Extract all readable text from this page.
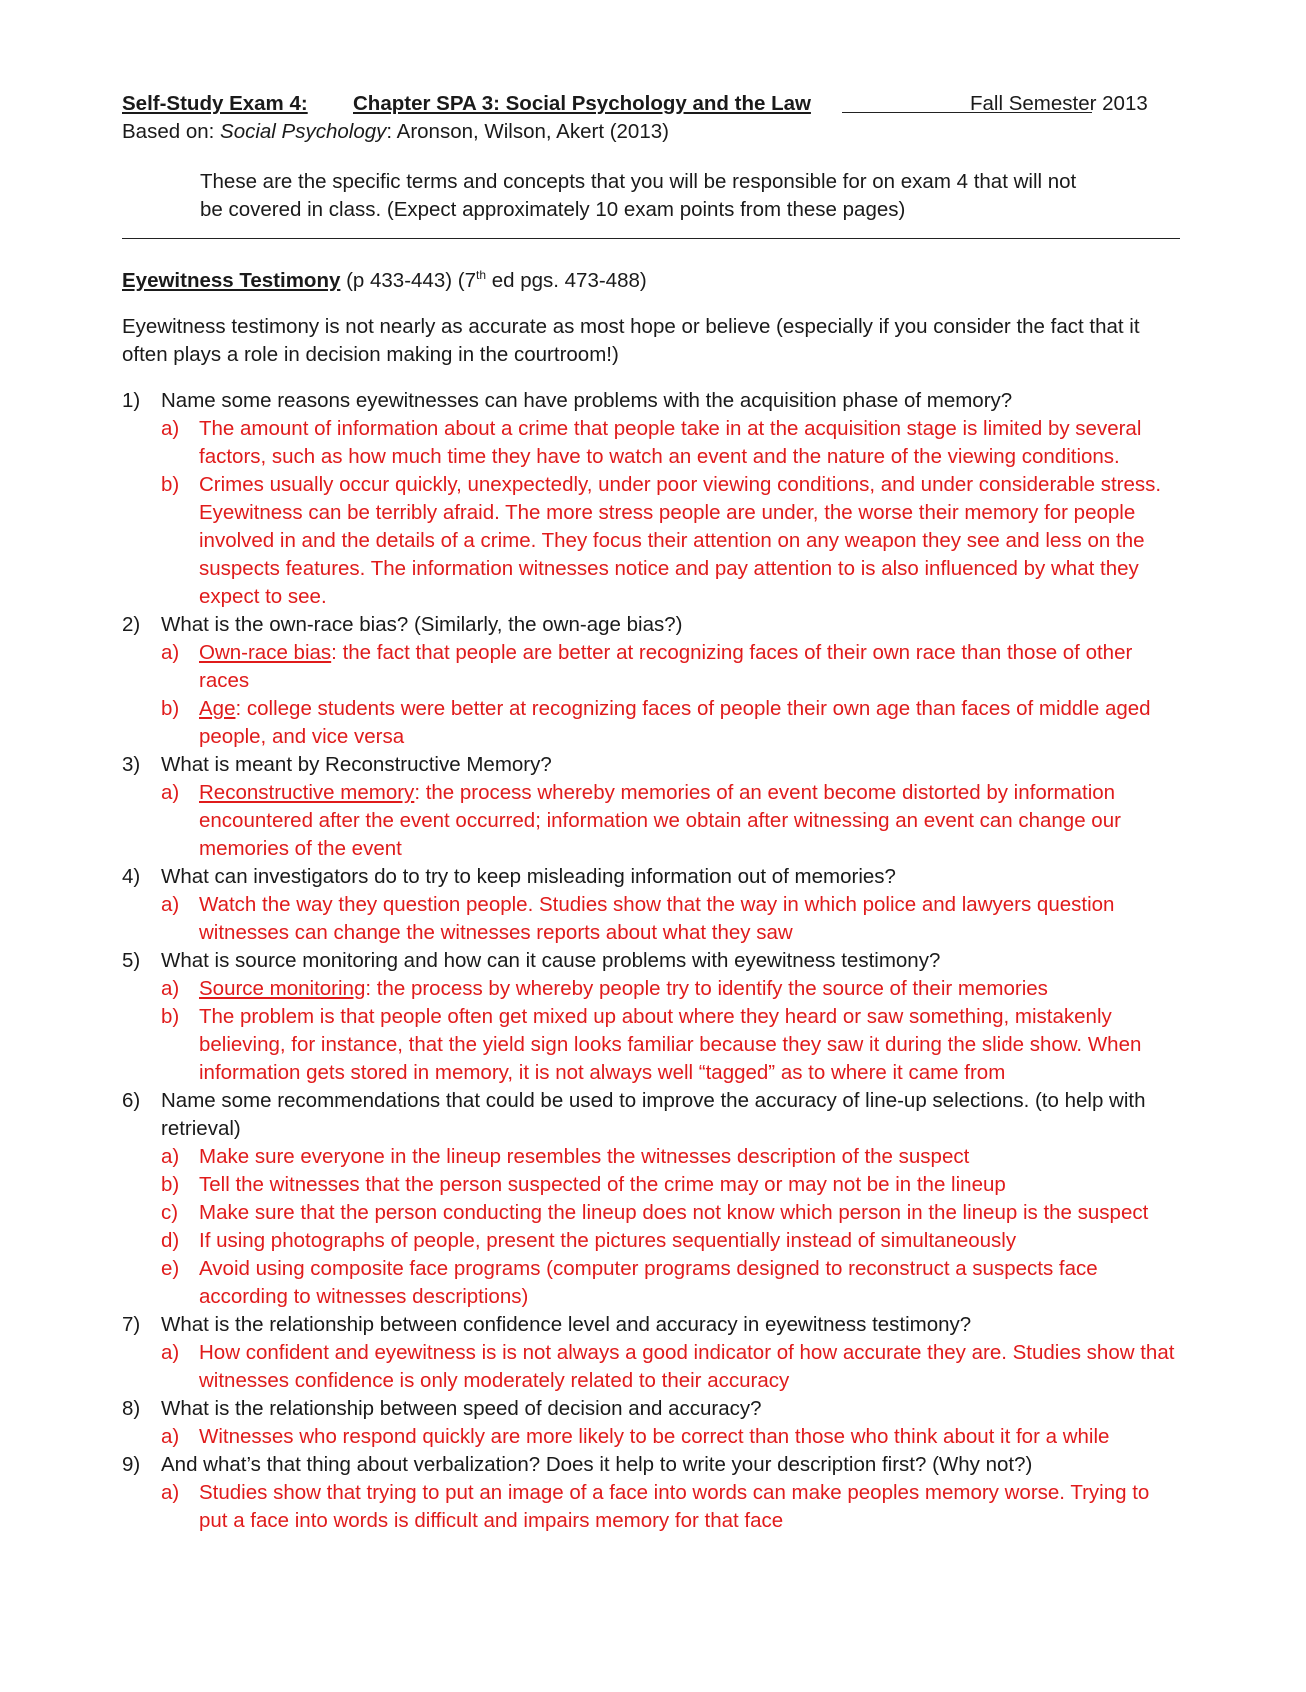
Self-Study Exam 4: Chapter SPA 3: Social Psychology and the Law	Fall Semester 2013
Based on: Social Psychology: Aronson, Wilson, Akert (2013)
These are the specific terms and concepts that you will be responsible for on exam 4 that will not be covered in class. (Expect approximately 10 exam points from these pages)
Eyewitness Testimony (p 433-443) (7th ed pgs. 473-488)
Eyewitness testimony is not nearly as accurate as most hope or believe (especially if you consider the fact that it often plays a role in decision making in the courtroom!)
1) Name some reasons eyewitnesses can have problems with the acquisition phase of memory?
a) The amount of information about a crime that people take in at the acquisition stage is limited by several factors, such as how much time they have to watch an event and the nature of the viewing conditions.
b) Crimes usually occur quickly, unexpectedly, under poor viewing conditions, and under considerable stress. Eyewitness can be terribly afraid. The more stress people are under, the worse their memory for people involved in and the details of a crime. They focus their attention on any weapon they see and less on the suspects features. The information witnesses notice and pay attention to is also influenced by what they expect to see.
2) What is the own-race bias? (Similarly, the own-age bias?)
a) Own-race bias: the fact that people are better at recognizing faces of their own race than those of other races
b) Age: college students were better at recognizing faces of people their own age than faces of middle aged people, and vice versa
3) What is meant by Reconstructive Memory?
a) Reconstructive memory: the process whereby memories of an event become distorted by information encountered after the event occurred; information we obtain after witnessing an event can change our memories of the event
4) What can investigators do to try to keep misleading information out of memories?
a) Watch the way they question people. Studies show that the way in which police and lawyers question witnesses can change the witnesses reports about what they saw
5) What is source monitoring and how can it cause problems with eyewitness testimony?
a) Source monitoring: the process by whereby people try to identify the source of their memories
b) The problem is that people often get mixed up about where they heard or saw something, mistakenly believing, for instance, that the yield sign looks familiar because they saw it during the slide show. When information gets stored in memory, it is not always well “tagged” as to where it came from
6) Name some recommendations that could be used to improve the accuracy of line-up selections. (to help with retrieval)
a) Make sure everyone in the lineup resembles the witnesses description of the suspect
b) Tell the witnesses that the person suspected of the crime may or may not be in the lineup
c) Make sure that the person conducting the lineup does not know which person in the lineup is the suspect
d) If using photographs of people, present the pictures sequentially instead of simultaneously
e) Avoid using composite face programs (computer programs designed to reconstruct a suspects face according to witnesses descriptions)
7) What is the relationship between confidence level and accuracy in eyewitness testimony?
a) How confident and eyewitness is is not always a good indicator of how accurate they are. Studies show that witnesses confidence is only moderately related to their accuracy
8) What is the relationship between speed of decision and accuracy?
a) Witnesses who respond quickly are more likely to be correct than those who think about it for a while
9) And what’s that thing about verbalization? Does it help to write your description first? (Why not?)
a) Studies show that trying to put an image of a face into words can make peoples memory worse. Trying to put a face into words is difficult and impairs memory for that face
